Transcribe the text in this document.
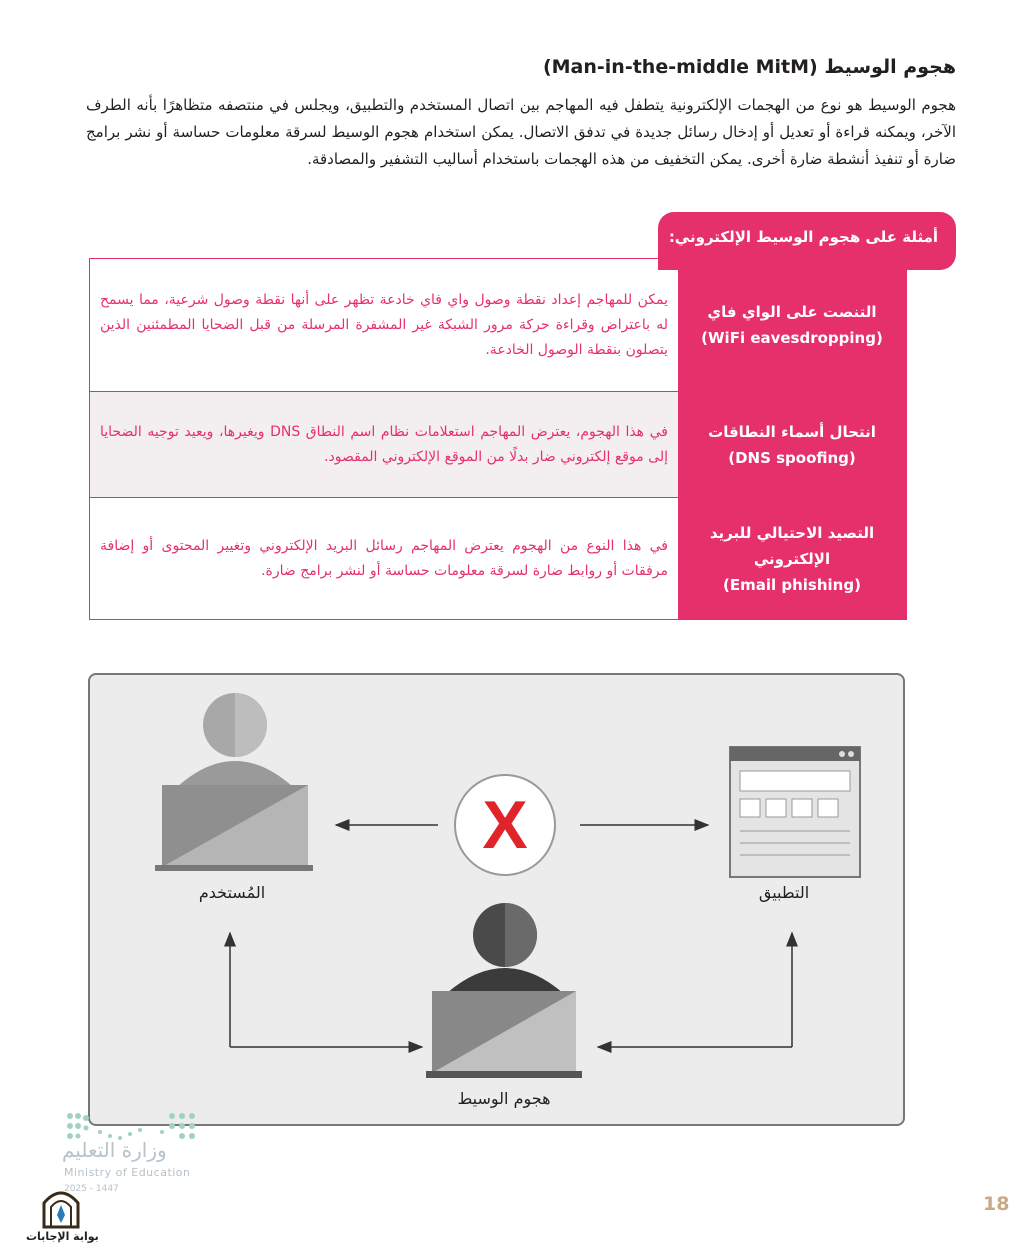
هجوم الوسيط (Man-in-the-middle MitM)
هجوم الوسيط هو نوع من الهجمات الإلكترونية يتطفل فيه المهاجم بين اتصال المستخدم والتطبيق، ويجلس في منتصفه متظاهرًا بأنه الطرف الآخر، ويمكنه قراءة أو تعديل أو إدخال رسائل جديدة في تدفق الاتصال. يمكن استخدام هجوم الوسيط لسرقة معلومات حساسة أو نشر برامج ضارة أو تنفيذ أنشطة ضارة أخرى. يمكن التخفيف من هذه الهجمات باستخدام أساليب التشفير والمصادقة.
أمثلة على هجوم الوسيط الإلكتروني:
التنصت على الواي فاي
(WiFi eavesdropping)
يمكن للمهاجم إعداد نقطة وصول واي فاي خادعة تظهر على أنها نقطة وصول شرعية، مما يسمح له باعتراض وقراءة حركة مرور الشبكة غير المشفرة المرسلة من قبل الضحايا المطمئنين الذين يتصلون بنقطة الوصول الخادعة.
انتحال أسماء النطاقات
(DNS spoofing)
في هذا الهجوم، يعترض المهاجم استعلامات نظام اسم النطاق DNS ويغيرها، ويعيد توجيه الضحايا إلى موقع إلكتروني ضار بدلًا من الموقع الإلكتروني المقصود.
التصيد الاحتيالي للبريد الإلكتروني
(Email phishing)
في هذا النوع من الهجوم يعترض المهاجم رسائل البريد الإلكتروني وتغيير المحتوى أو إضافة مرفقات أو روابط ضارة لسرقة معلومات حساسة أو لنشر برامج ضارة.
X
المُستخدم	التطبيق
هجوم الوسيط
وزارة التعليم
Ministry of Education
2025 - 1447
بوابة الإجابات
18
